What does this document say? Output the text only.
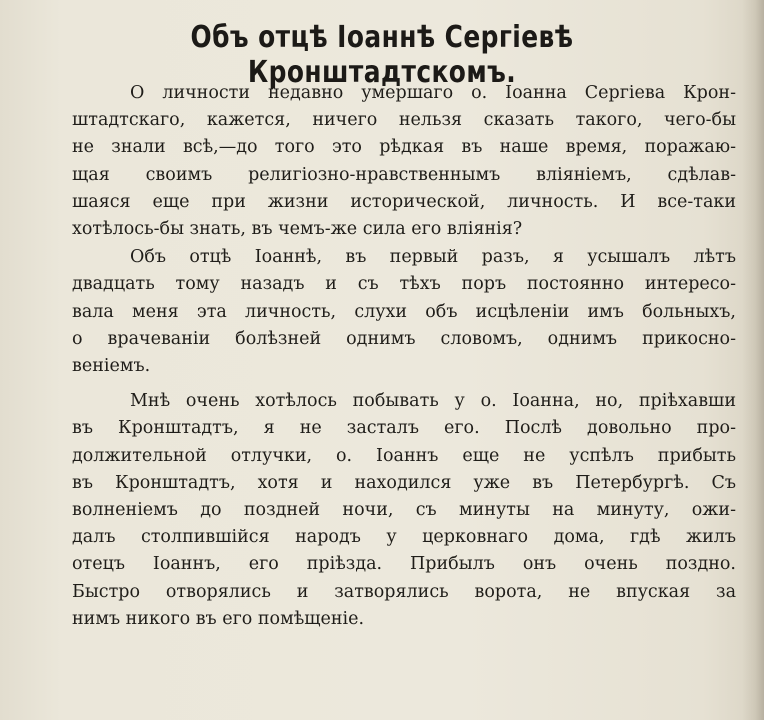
Объ отцѣ Іоаннѣ Сергіевѣ Кронштадтскомъ.

О личности недавно умершаго о. Іоанна Сергіева Крон-
штадтскаго, кажется, ничего нельзя сказать такого, чего-бы
не знали всѣ,—до того это рѣдкая въ наше время, поражаю-
щая своимъ религіозно-нравственнымъ вліяніемъ, сдѣлав-
шаяся еще при жизни исторической, личность. И все-таки
хотѣлось-бы знать, въ чемъ-же сила его вліянія?

Объ отцѣ Іоаннѣ, въ первый разъ, я усышалъ лѣтъ
двадцать тому назадъ и съ тѣхъ поръ постоянно интересо-
вала меня эта личность, слухи объ исцѣленіи имъ больныхъ,
о врачеваніи болѣзней однимъ словомъ, однимъ прикосно-
веніемъ.

Мнѣ очень хотѣлось побывать у о. Іоанна, но, пріѣхавши
въ Кронштадтъ, я не засталъ его. Послѣ довольно про-
должительной отлучки, о. Іоаннъ еще не успѣлъ прибыть
въ Кронштадтъ, хотя и находился уже въ Петербургѣ. Съ
волненіемъ до поздней ночи, съ минуты на минуту, ожи-
далъ столпившійся народъ у церковнаго дома, гдѣ жилъ
отецъ Іоаннъ, его пріѣзда. Прибылъ онъ очень поздно.
Быстро отворялись и затворялись ворота, не впуская за
нимъ никого въ его помѣщеніе.
